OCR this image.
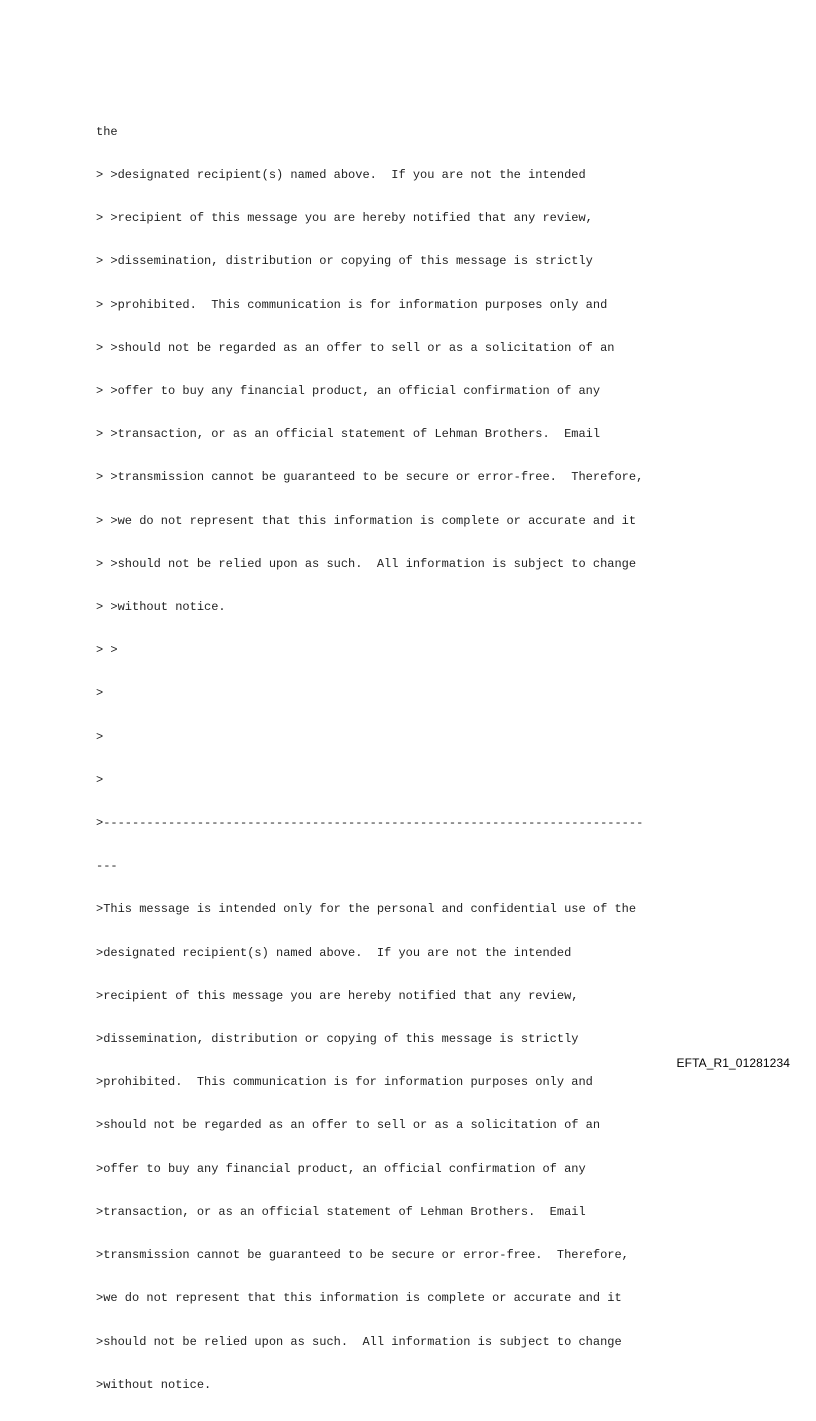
the

> >designated recipient(s) named above.  If you are not the intended

> >recipient of this message you are hereby notified that any review,

> >dissemination, distribution or copying of this message is strictly

> >prohibited.  This communication is for information purposes only and

> >should not be regarded as an offer to sell or as a solicitation of an

> >offer to buy any financial product, an official confirmation of any

> >transaction, or as an official statement of Lehman Brothers.  Email

> >transmission cannot be guaranteed to be secure or error-free.  Therefore,

> >we do not represent that this information is complete or accurate and it

> >should not be relied upon as such.  All information is subject to change

> >without notice.

> >

>

>

>

>---------------------------------------------------------------------------

---

>This message is intended only for the personal and confidential use of the

>designated recipient(s) named above.  If you are not the intended

>recipient of this message you are hereby notified that any review,

>dissemination, distribution or copying of this message is strictly

>prohibited.  This communication is for information purposes only and

>should not be regarded as an offer to sell or as a solicitation of an

>offer to buy any financial product, an official confirmation of any

>transaction, or as an official statement of Lehman Brothers.  Email

>transmission cannot be guaranteed to be secure or error-free.  Therefore,

>we do not represent that this information is complete or accurate and it

>should not be relied upon as such.  All information is subject to change

>without notice.

EFTA_R1_01281234
